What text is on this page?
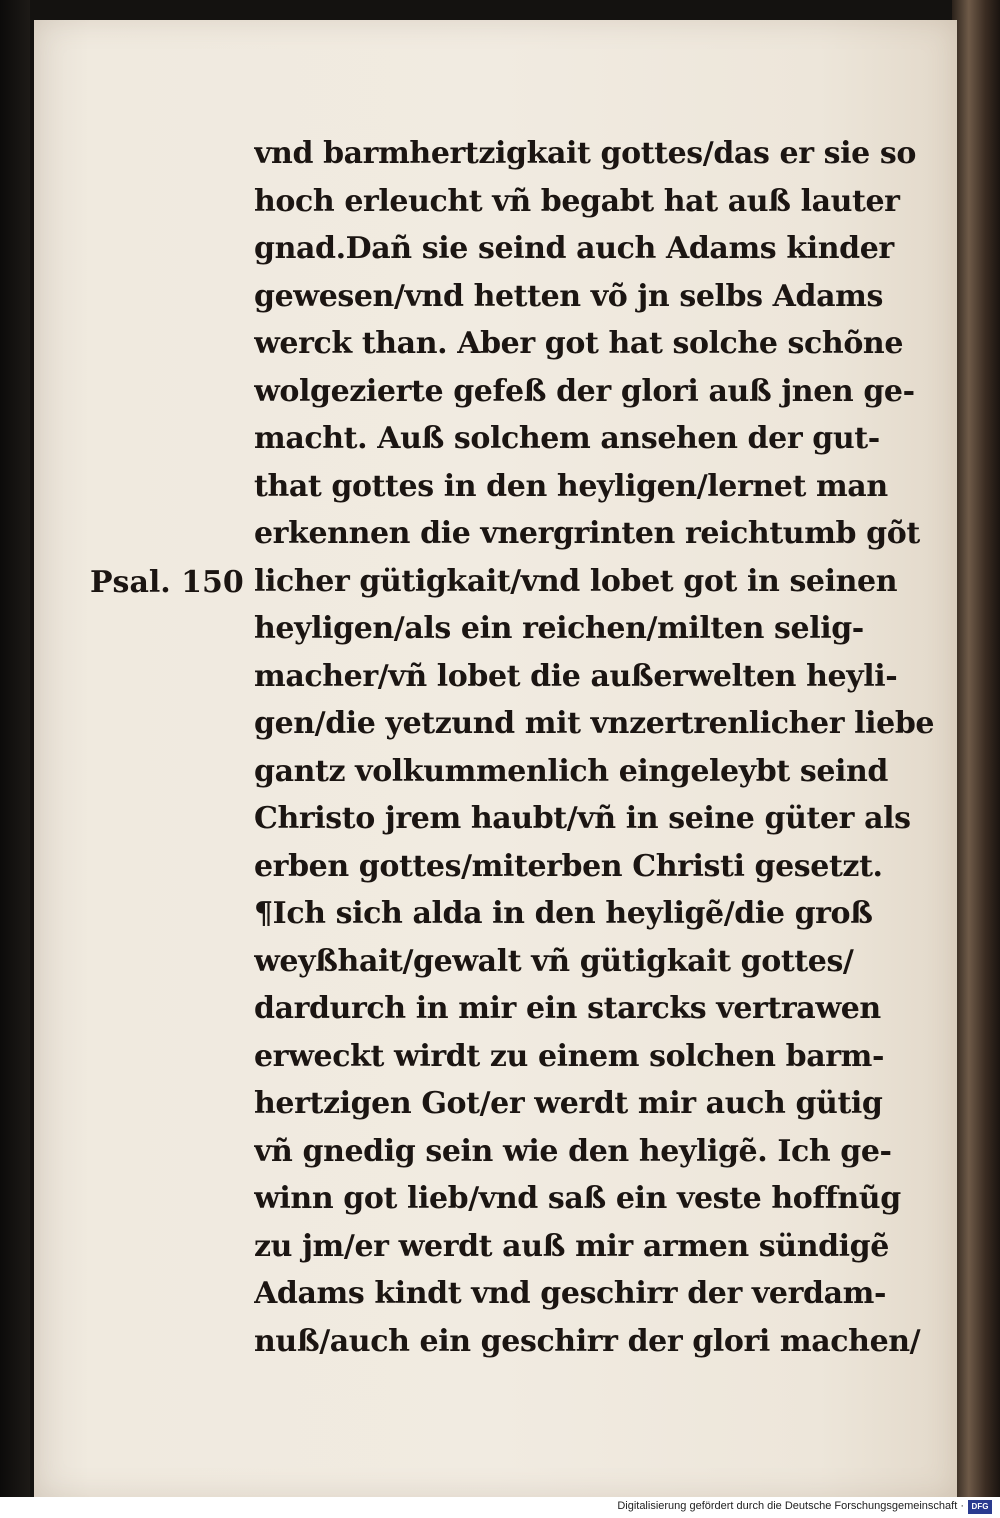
Psal. 150
vnd barmhertzigkait gottes/das er sie so
hoch erleucht vñ begabt hat auß lauter
gnad.Dañ sie seind auch Adams kinder
gewesen/vnd hetten võ jn selbs Adams
werck than. Aber got hat solche schõne
wolgezierte gefeß der glori auß jnen ge-
macht. Auß solchem ansehen der gut-
that gottes in den heyligen/lernet man
erkennen die vnergrinten reichtumb gõt
licher gütigkait/vnd lobet got in seinen
heyligen/als ein reichen/milten selig-
macher/vñ lobet die außerwelten heyli-
gen/die yetzund mit vnzertrenlicher liebe
gantz volkummenlich eingeleybt seind
Christo jrem haubt/vñ in seine güter als
erben gottes/miterben Christi gesetzt.
¶Ich sich alda in den heyligẽ/die groß
weyßhait/gewalt vñ gütigkait gottes/
dardurch in mir ein starcks vertrawen
erweckt wirdt zu einem solchen barm-
hertzigen Got/er werdt mir auch gütig
vñ gnedig sein wie den heyligẽ. Ich ge-
winn got lieb/vnd saß ein veste hoffnũg
zu jm/er werdt auß mir armen sündigẽ
Adams kindt vnd geschirr der verdam-
nuß/auch ein geschirr der glori machen/
Digitalisierung gefördert durch die Deutsche Forschungsgemeinschaft · DFG
